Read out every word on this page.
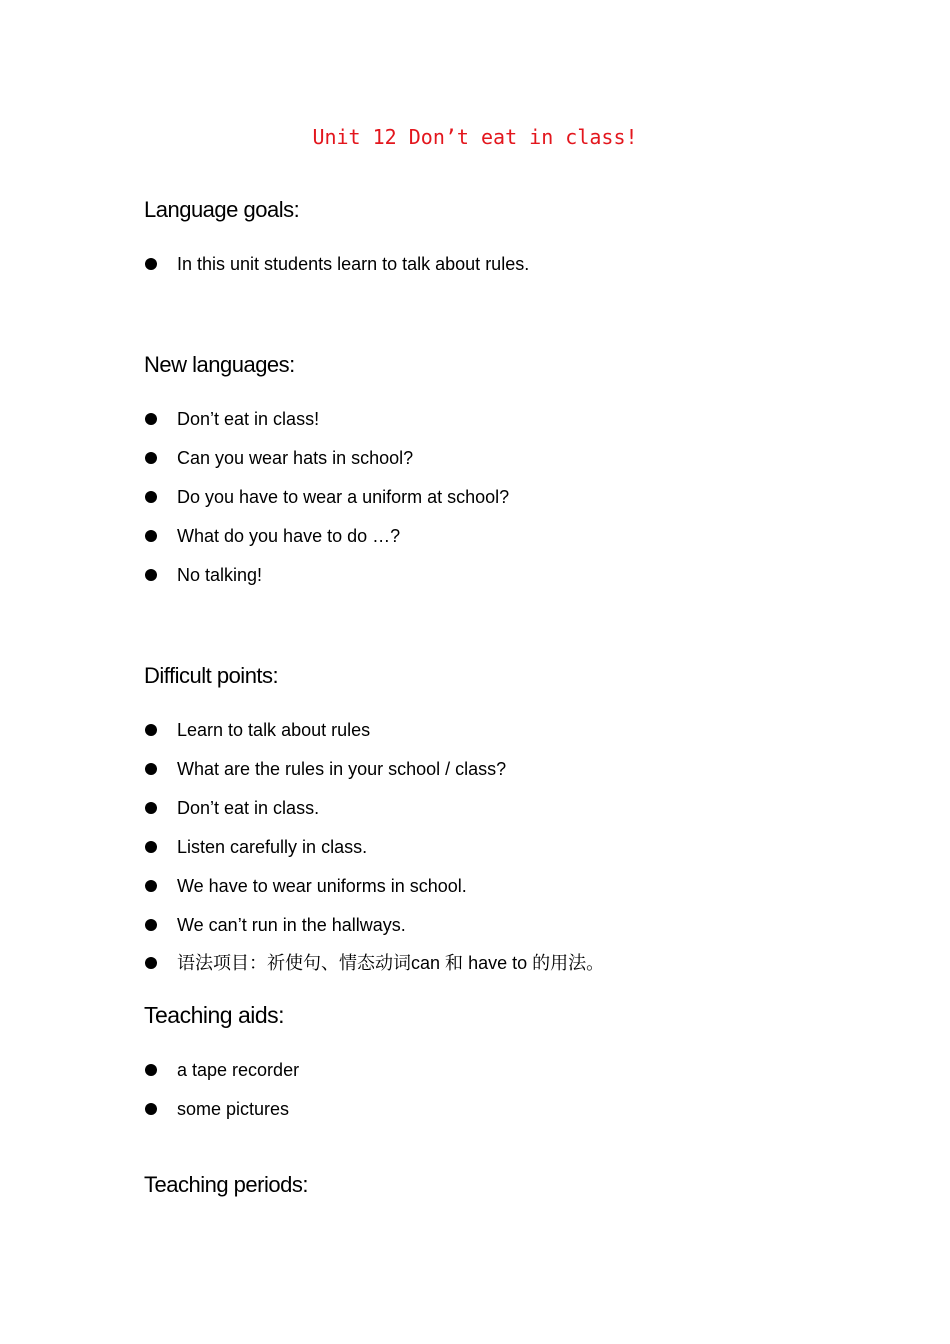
Unit 12 Don’t eat in class!
Language goals:
In this unit students learn to talk about rules.
New languages:
Don’t eat in class!
Can you wear hats in school?
Do you have to wear a uniform at school?
What do you have to do …?
No talking!
Difficult points:
Learn to talk about rules
What are the rules in your school / class?
Don’t eat in class.
Listen carefully in class.
We have to wear uniforms in school.
We can’t run in the hallways.
语法项目：祈使句、情态动词can 和 have to 的用法。
Teaching aids:
a tape recorder
some pictures
Teaching periods:
